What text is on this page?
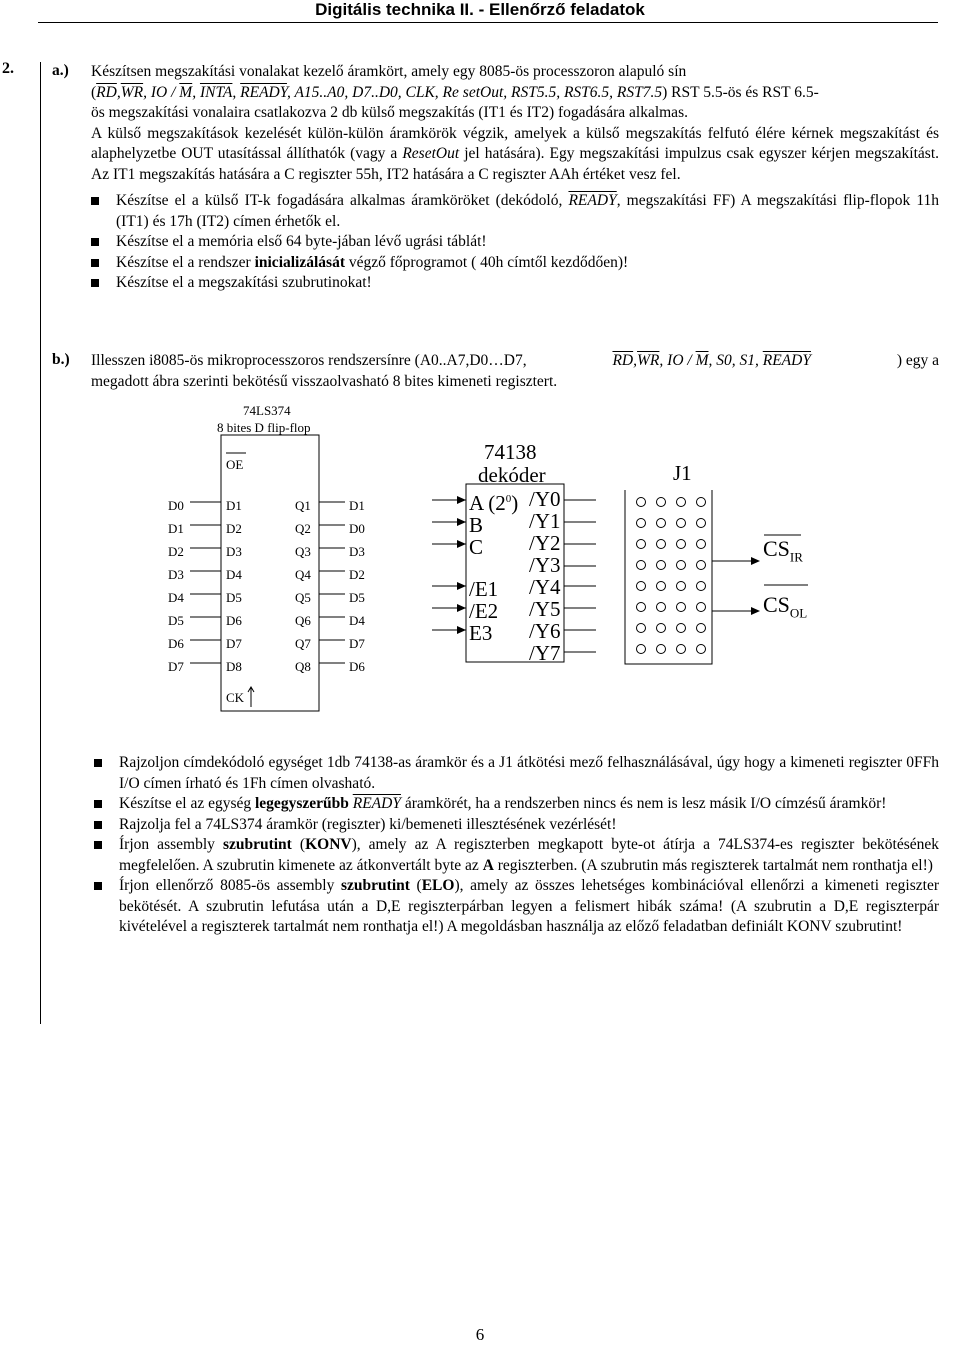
Digitális technika II. - Ellenőrző feladatok
2. a.) Készítsen megszakítási vonalakat kezelő áramkört, amely egy 8085-ös processzoron alapuló sín
($\overline{RD},\overline{WR}$, IO / $\overline{M}$, INTA, READY, A15..A0, D7..D0, CLK, Re setOut, RST5.5, RST6.5, RST7.5) RST 5.5-ös és RST 6.5-
ös megszakítási vonalaira csatlakozva 2 db külső megszakítás (IT1 és IT2) fogadására alkalmas.
A külső megszakítások kezelését külön-külön áramkörök végzik, amelyek a külső megszakítás felfutó élére kérnek megszakítást és alaphelyzetbe OUT utasítással állíthatók (vagy a ResetOut jel hatására). Egy megszakítási impulzus csak egyszer kérjen megszakítást. Az IT1 megszakítás hatására a C regiszter 55h, IT2 hatására a C regiszter AAh értéket vesz fel.
Készítse el a külső IT-k fogadására alkalmas áramköröket (dekódoló, READY, megszakítási FF) A megszakítási flip-flopok 11h (IT1) és 17h (IT2) címen érhetők el.
Készítse el a memória első 64 byte-jában lévő ugrási táblát!
Készítse el a rendszer inicializálását végző főprogramot ( 40h címtől kezdődően)!
Készítse el a megszakítási szubrutinokat!
b.) Illesszen i8085-ös mikroprocesszoros rendszersínre (A0..A7,D0…D7,	$\overline{RD},\overline{WR}$, IO / $\overline{M}$, S0, S1, READY	) egy a
megadott ábra szerinti bekötésű visszaolvasható 8 bites kimeneti regisztert.
74LS374
8 bites D flip-flop
OE
CK
D0
D1
D2
D3
D4
D5
D6
D7
D1
D2
D3
D4
D5
D6
D7
D8
Q1
Q2
Q3
Q4
Q5
Q6
Q7
Q8
D1
D0
D3
D2
D5
D4
D7
D6
74138
dekóder
A $(2^0)$
B
C
/E1
/E2
E3
/Y0
/Y1
/Y2
/Y3
/Y4
/Y5
/Y6
/Y7
J1
$CS_{IR}$
$CS_{OL}$
Rajzoljon címdekódoló egységet 1db 74138-as áramkör és a J1 átkötési mező felhasználásával, úgy hogy a kimeneti regiszter 0FFh I/O címen írható és 1Fh címen olvasható.
Készítse el az egység legegyszerűbb READY áramkörét, ha a rendszerben nincs és nem is lesz másik I/O címzésű áramkör!
Rajzolja fel a 74LS374 áramkör (regiszter) ki/bemeneti illesztésének vezérlését!
Írjon assembly szubrutint (KONV), amely az A regiszterben megkapott byte-ot átírja a 74LS374-es regiszter bekötésének megfelelően. A szubrutin kimenete az átkonvertált byte az A regiszterben. (A szubrutin más regiszterek tartalmát nem ronthatja el!)
Írjon ellenőrző 8085-ös assembly szubrutint (ELO), amely az összes lehetséges kombinációval ellenőrzi a kimeneti regiszter bekötését. A szubrutin lefutása után a D,E regiszterpárban legyen a felismert hibák száma! (A szubrutin a D,E regiszterpár kivételével a regiszterek tartalmát nem ronthatja el!) A megoldásban használja az előző feladatban definiált KONV szubrutint!
6
